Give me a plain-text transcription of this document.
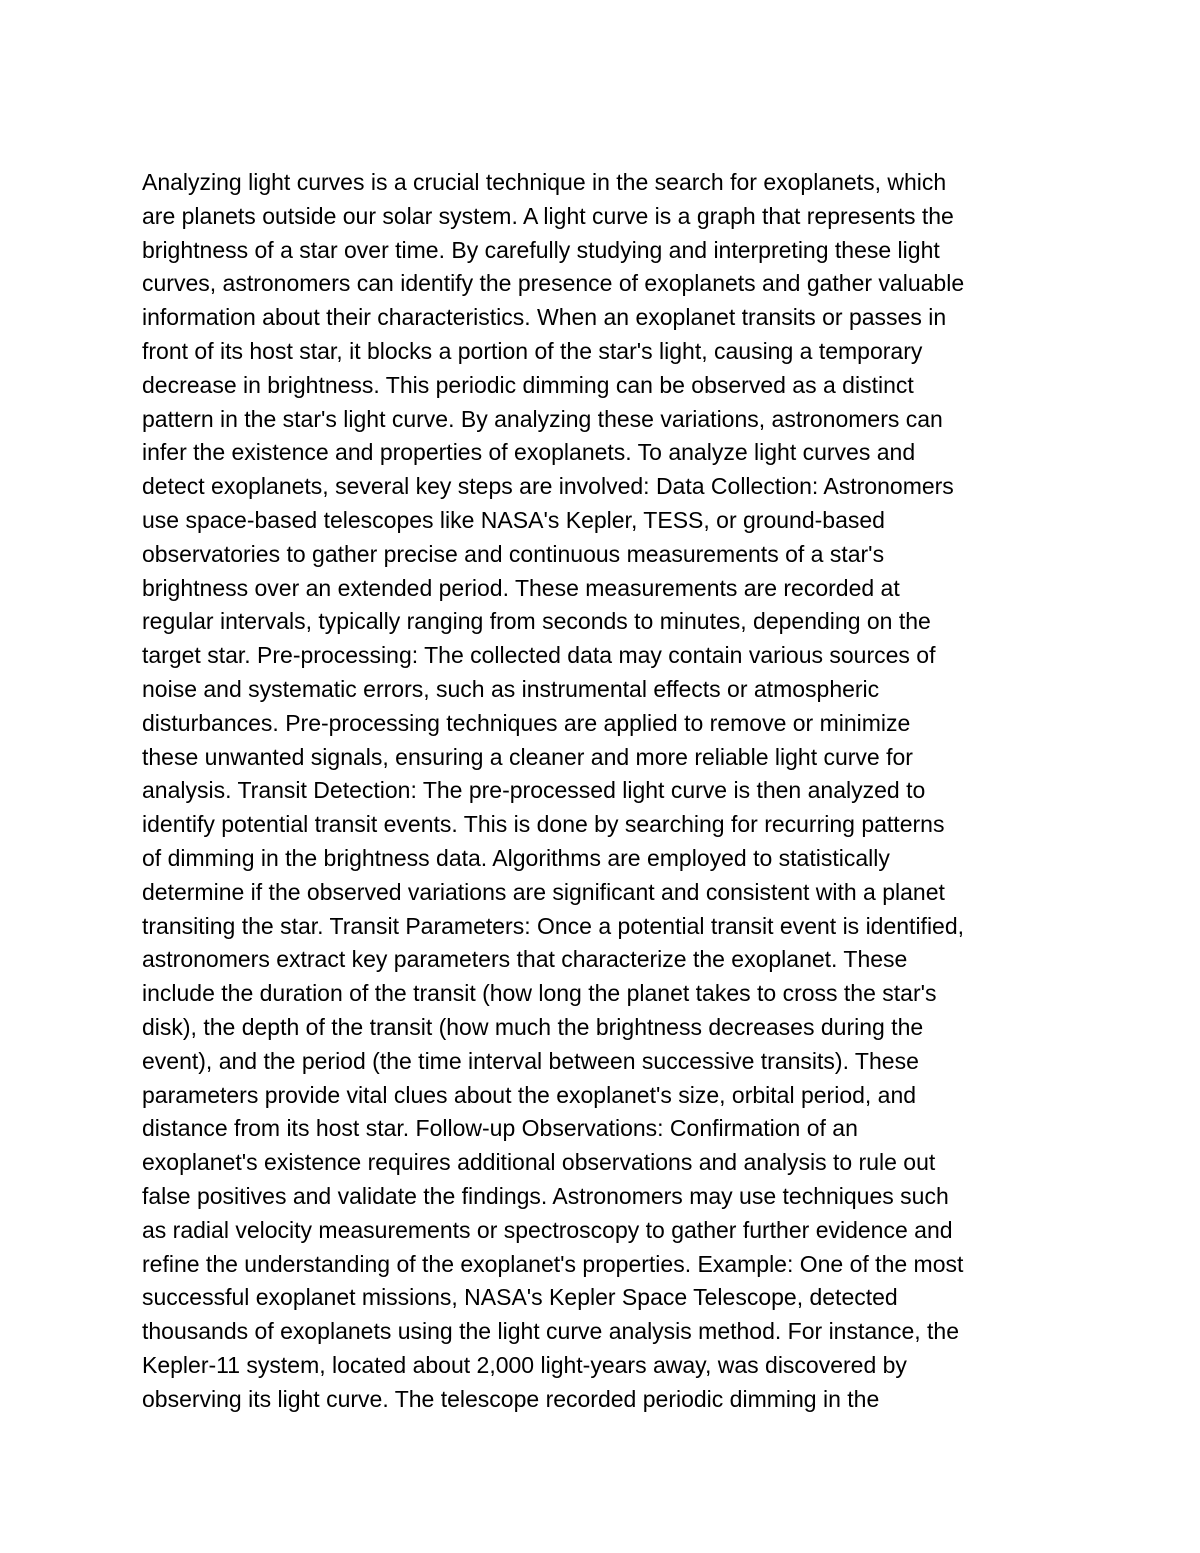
Analyzing light curves is a crucial technique in the search for exoplanets, which
are planets outside our solar system. A light curve is a graph that represents the
brightness of a star over time. By carefully studying and interpreting these light
curves, astronomers can identify the presence of exoplanets and gather valuable
information about their characteristics. When an exoplanet transits or passes in
front of its host star, it blocks a portion of the star's light, causing a temporary
decrease in brightness. This periodic dimming can be observed as a distinct
pattern in the star's light curve. By analyzing these variations, astronomers can
infer the existence and properties of exoplanets. To analyze light curves and
detect exoplanets, several key steps are involved: Data Collection: Astronomers
use space-based telescopes like NASA's Kepler, TESS, or ground-based
observatories to gather precise and continuous measurements of a star's
brightness over an extended period. These measurements are recorded at
regular intervals, typically ranging from seconds to minutes, depending on the
target star. Pre-processing: The collected data may contain various sources of
noise and systematic errors, such as instrumental effects or atmospheric
disturbances. Pre-processing techniques are applied to remove or minimize
these unwanted signals, ensuring a cleaner and more reliable light curve for
analysis. Transit Detection: The pre-processed light curve is then analyzed to
identify potential transit events. This is done by searching for recurring patterns
of dimming in the brightness data. Algorithms are employed to statistically
determine if the observed variations are significant and consistent with a planet
transiting the star. Transit Parameters: Once a potential transit event is identified,
astronomers extract key parameters that characterize the exoplanet. These
include the duration of the transit (how long the planet takes to cross the star's
disk), the depth of the transit (how much the brightness decreases during the
event), and the period (the time interval between successive transits). These
parameters provide vital clues about the exoplanet's size, orbital period, and
distance from its host star. Follow-up Observations: Confirmation of an
exoplanet's existence requires additional observations and analysis to rule out
false positives and validate the findings. Astronomers may use techniques such
as radial velocity measurements or spectroscopy to gather further evidence and
refine the understanding of the exoplanet's properties. Example: One of the most
successful exoplanet missions, NASA's Kepler Space Telescope, detected
thousands of exoplanets using the light curve analysis method. For instance, the
Kepler-11 system, located about 2,000 light-years away, was discovered by
observing its light curve. The telescope recorded periodic dimming in the
